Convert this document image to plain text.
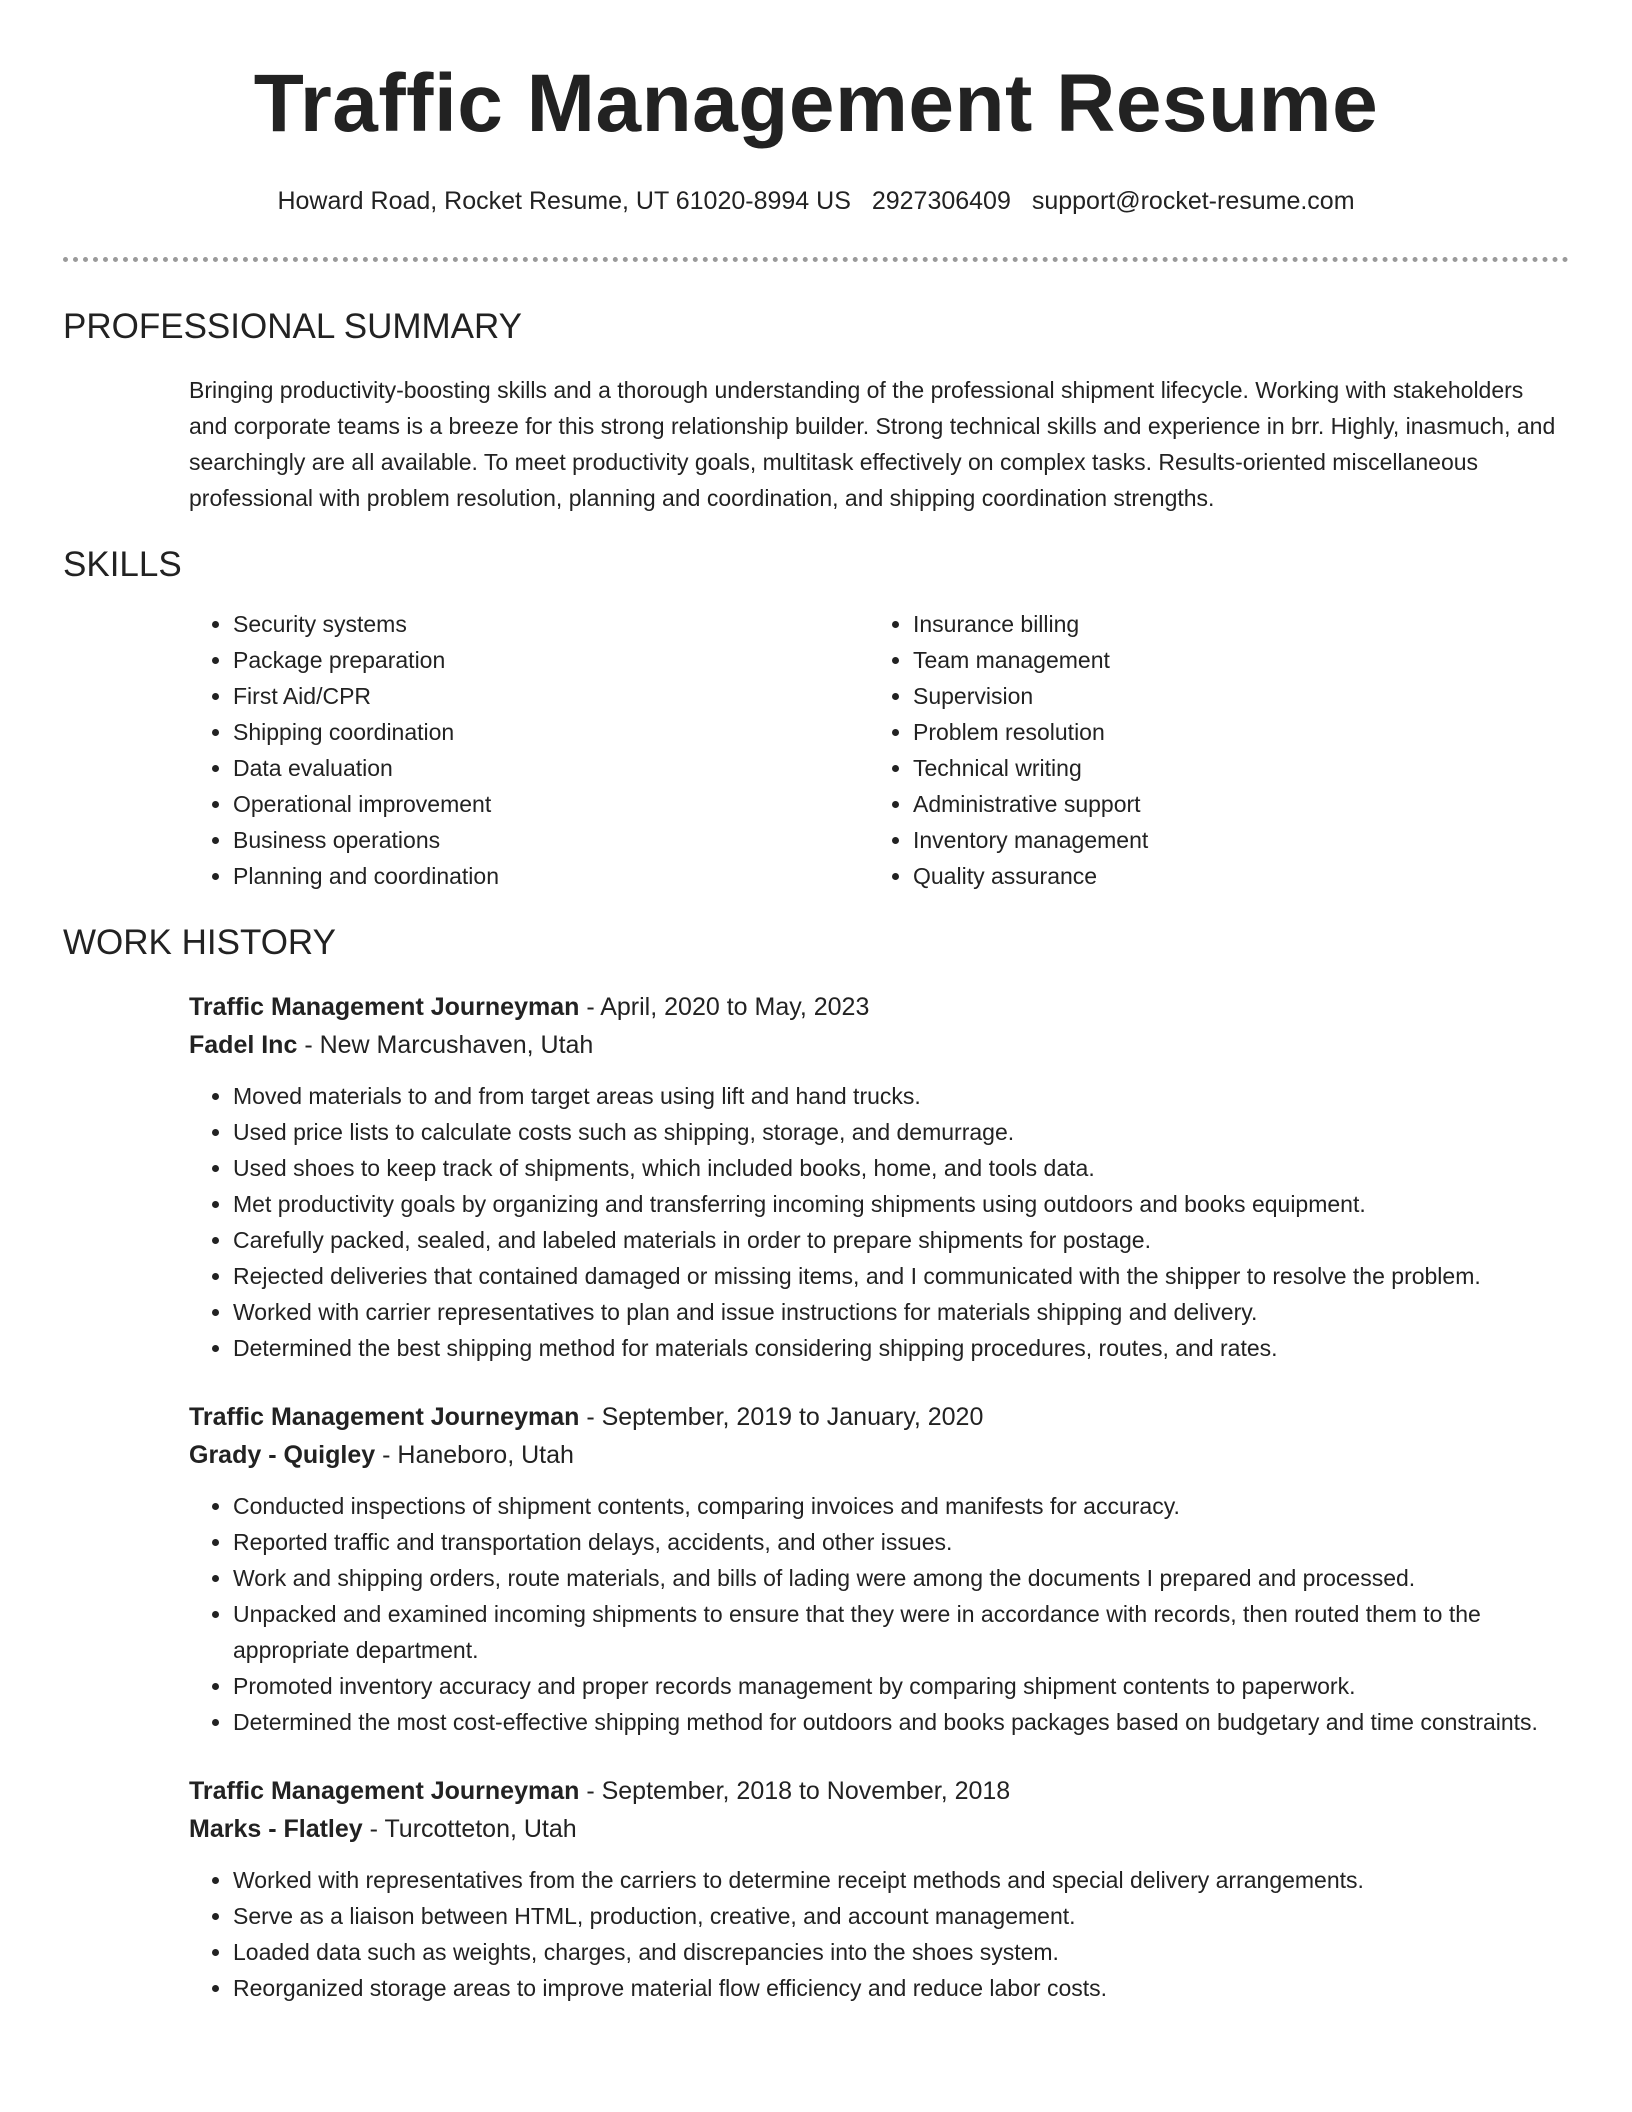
Traffic Management Resume
Howard Road, Rocket Resume, UT 61020-8994 US 2927306409 support@rocket-resume.com
PROFESSIONAL SUMMARY

Bringing productivity-boosting skills and a thorough understanding of the professional shipment lifecycle. Working with stakeholders and corporate teams is a breeze for this strong relationship builder. Strong technical skills and experience in brr. Highly, inasmuch, and searchingly are all available. To meet productivity goals, multitask effectively on complex tasks. Results-oriented miscellaneous professional with problem resolution, planning and coordination, and shipping coordination strengths.

SKILLS
• Security systems
• Package preparation
• First Aid/CPR
• Shipping coordination
• Data evaluation
• Operational improvement
• Business operations
• Planning and coordination
• Insurance billing
• Team management
• Supervision
• Problem resolution
• Technical writing
• Administrative support
• Inventory management
• Quality assurance
WORK HISTORY
Traffic Management Journeyman - April, 2020 to May, 2023
Fadel Inc - New Marcushaven, Utah
• Moved materials to and from target areas using lift and hand trucks.
• Used price lists to calculate costs such as shipping, storage, and demurrage.
• Used shoes to keep track of shipments, which included books, home, and tools data.
• Met productivity goals by organizing and transferring incoming shipments using outdoors and books equipment.
• Carefully packed, sealed, and labeled materials in order to prepare shipments for postage.
• Rejected deliveries that contained damaged or missing items, and I communicated with the shipper to resolve the problem.
• Worked with carrier representatives to plan and issue instructions for materials shipping and delivery.
• Determined the best shipping method for materials considering shipping procedures, routes, and rates.
Traffic Management Journeyman - September, 2019 to January, 2020
Grady - Quigley - Haneboro, Utah
• Conducted inspections of shipment contents, comparing invoices and manifests for accuracy.
• Reported traffic and transportation delays, accidents, and other issues.
• Work and shipping orders, route materials, and bills of lading were among the documents I prepared and processed.
• Unpacked and examined incoming shipments to ensure that they were in accordance with records, then routed them to the appropriate department.
• Promoted inventory accuracy and proper records management by comparing shipment contents to paperwork.
• Determined the most cost-effective shipping method for outdoors and books packages based on budgetary and time constraints.
Traffic Management Journeyman - September, 2018 to November, 2018
Marks - Flatley - Turcotteton, Utah
• Worked with representatives from the carriers to determine receipt methods and special delivery arrangements.
• Serve as a liaison between HTML, production, creative, and account management.
• Loaded data such as weights, charges, and discrepancies into the shoes system.
• Reorganized storage areas to improve material flow efficiency and reduce labor costs.
